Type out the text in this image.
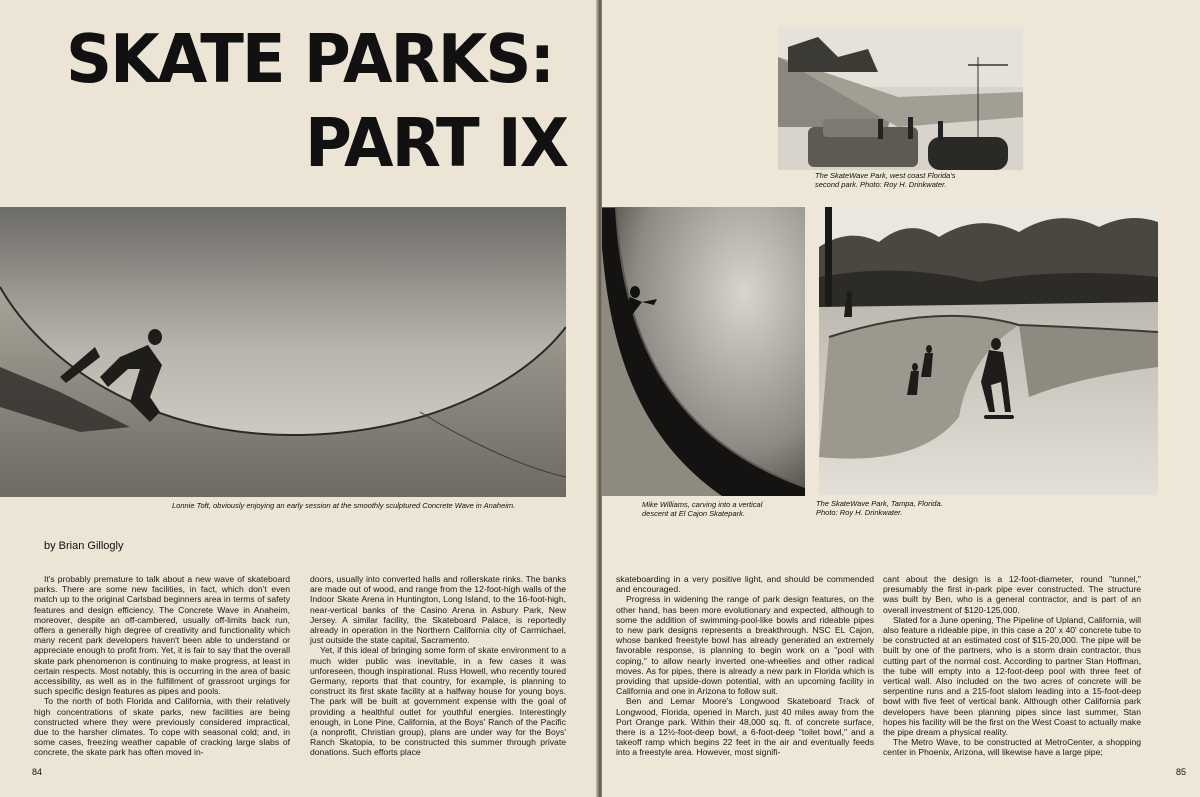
SKATE PARKS:
PART IX

Lonnie Toft, obviously enjoying an early session at the smoothly sculptured Concrete Wave in Anaheim.

by Brian Gillogly

It's probably premature to talk about a new wave of skateboard parks. There are some new facilities, in fact, which don't even match up to the original Carlsbad beginners area in terms of safety features and design efficiency. The Concrete Wave in Anaheim, moreover, despite an off-cambered, usually off-limits back run, offers a generally high degree of creativity and functionality which many recent park developers haven't been able to understand or appreciate enough to profit from. Yet, it is fair to say that the overall skate park phenomenon is continuing to make progress, at least in certain respects. Most notably, this is occurring in the area of basic accessibility, as well as in the fulfillment of grassroot urgings for such specific design features as pipes and pools.

To the north of both Florida and California, with their relatively high concentrations of skate parks, new facilities are being constructed where they were previously considered impractical, due to the harsher climates. To cope with seasonal cold; and, in some cases, freezing weather capable of cracking large slabs of concrete, the skate park has often moved in-

doors, usually into converted halls and rollerskate rinks. The banks are made out of wood, and range from the 12-foot-high walls of the Indoor Skate Arena in Huntington, Long Island, to the 16-foot-high, near-vertical banks of the Casino Arena in Asbury Park, New Jersey. A similar facility, the Skateboard Palace, is reportedly already in operation in the Northern California city of Carmichael, just outside the state capital, Sacramento.

Yet, if this ideal of bringing some form of skate environment to a much wider public was inevitable, in a few cases it was unforeseen, though inspirational. Russ Howell, who recently toured Germany, reports that that country, for example, is planning to construct its first skate facility at a halfway house for young boys. The park will be built at government expense with the goal of providing a healthful outlet for youthful energies. Interestingly enough, in Lone Pine, California, at the Boys' Ranch of the Pacific (a nonprofit, Christian group), plans are under way for the Boys' Ranch Skatopia, to be constructed this summer through private donations. Such efforts place

84

The SkateWave Park, west coast Florida's
second park. Photo: Roy H. Drinkwater.

Mike Williams, carving into a vertical
descent at El Cajon Skatepark.

The SkateWave Park, Tampa, Florida.
Photo: Roy H. Drinkwater.

skateboarding in a very positive light, and should be commended and encouraged.

Progress in widening the range of park design features, on the other hand, has been more evolutionary and expected, although to some the addition of swimming-pool-like bowls and rideable pipes to new park designs represents a breakthrough. NSC EL Cajon, whose banked freestyle bowl has already generated an extremely favorable response, is planning to begin work on a "pool with coping," to allow nearly inverted one-wheelies and other radical moves. As for pipes, there is already a new park in Florida which is providing that upside-down potential, with an upcoming facility in California and one in Arizona to follow suit.

Ben and Lemar Moore's Longwood Skateboard Track of Longwood, Florida, opened in March, just 40 miles away from the Port Orange park. Within their 48,000 sq. ft. of concrete surface, there is a 12½-foot-deep bowl, a 6-foot-deep "toilet bowl," and a takeoff ramp which begins 22 feet in the air and eventually feeds into a freestyle area. However, most signifi-

cant about the design is a 12-foot-diameter, round "tunnel," presumably the first in-park pipe ever constructed. The structure was built by Ben, who is a general contractor, and is part of an overall investment of $120-125,000.

Slated for a June opening, The Pipeline of Upland, California, will also feature a rideable pipe, in this case a 20' x 40' concrete tube to be constructed at an estimated cost of $15-20,000. The pipe will be built by one of the partners, who is a storm drain contractor, thus cutting part of the normal cost. According to partner Stan Hoffman, the tube will empty into a 12-foot-deep pool with three feet of vertical wall. Also included on the two acres of concrete will be serpentine runs and a 215-foot slalom leading into a 15-foot-deep bowl with five feet of vertical bank. Although other California park developers have been planning pipes since last summer, Stan hopes his facility will be the first on the West Coast to actually make the pipe dream a physical reality.

The Metro Wave, to be constructed at MetroCenter, a shopping center in Phoenix, Arizona, will likewise have a large pipe;

85
